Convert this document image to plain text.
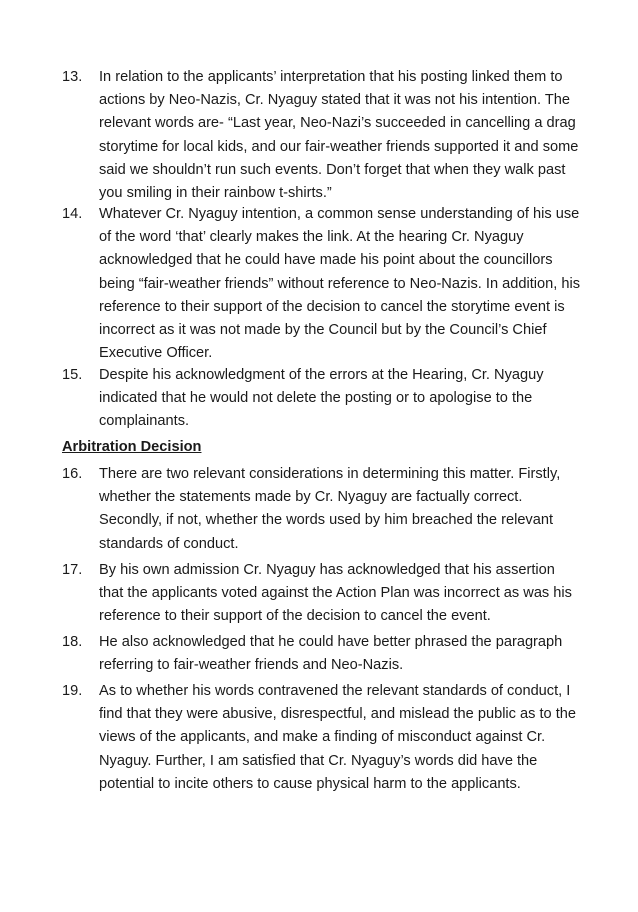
13.	In relation to the applicants’ interpretation that his posting linked them to actions by Neo-Nazis, Cr. Nyaguy stated that it was not his intention. The relevant words are- “Last year, Neo-Nazi’s succeeded in cancelling a drag storytime for local kids, and our fair-weather friends supported it and some said we shouldn’t run such events. Don’t forget that when they walk past you smiling in their rainbow t-shirts.”
14.	Whatever Cr. Nyaguy intention, a common sense understanding of his use of the word ‘that’ clearly makes the link. At the hearing Cr. Nyaguy acknowledged that he could have made his point about the councillors being “fair-weather friends” without reference to Neo-Nazis. In addition, his reference to their support of the decision to cancel the storytime event is incorrect as it was not made by the Council but by the Council’s Chief Executive Officer.
15.	Despite his acknowledgment of the errors at the Hearing, Cr. Nyaguy indicated that he would not delete the posting or to apologise to the complainants.
Arbitration Decision
16.	There are two relevant considerations in determining this matter. Firstly, whether the statements made by Cr. Nyaguy are factually correct. Secondly, if not, whether the words used by him breached the relevant standards of conduct.
17.	By his own admission Cr. Nyaguy has acknowledged that his assertion that the applicants voted against the Action Plan was incorrect as was his reference to their support of the decision to cancel the event.
18.	He also acknowledged that he could have better phrased the paragraph referring to fair-weather friends and Neo-Nazis.
19.	As to whether his words contravened the relevant standards of conduct, I find that they were abusive, disrespectful, and mislead the public as to the views of the applicants, and make a finding of misconduct against Cr. Nyaguy. Further, I am satisfied that Cr. Nyaguy’s words did have the potential to incite others to cause physical harm to the applicants.
